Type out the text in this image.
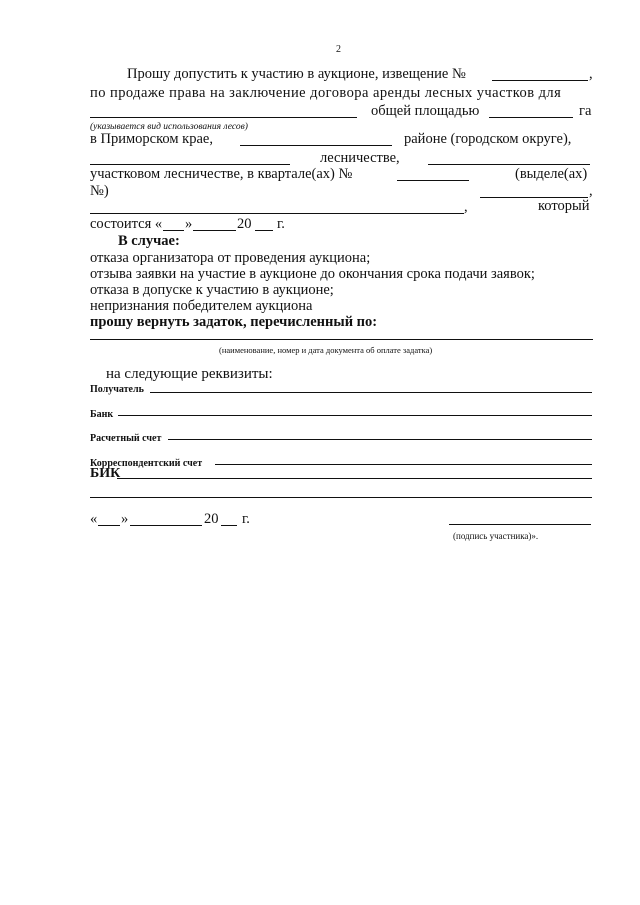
2
Прошу допустить к участию в аукционе, извещение №	,
по продаже права на заключение договора аренды лесных участков для
общей площадью	га
(указывается вид использования лесов)
в Приморском крае,	районе (городском округе),
лесничестве,
участковом лесничестве, в квартале(ах) №	(выделе(ах)
№)	,
,	который
состоится « »	20 г.
В случае:
отказа организатора от проведения аукциона;
отзыва заявки на участие в аукционе до окончания срока подачи заявок;
отказа в допуске к участию в аукционе;
непризнания победителем аукциона
прошу вернуть задаток, перечисленный по:
(наименование, номер и дата документа об оплате задатка)
на следующие реквизиты:
Получатель
Банк
Расчетный счет
Корреспондентский счет
БИК
« »	20 г.
(подпись участника)».
